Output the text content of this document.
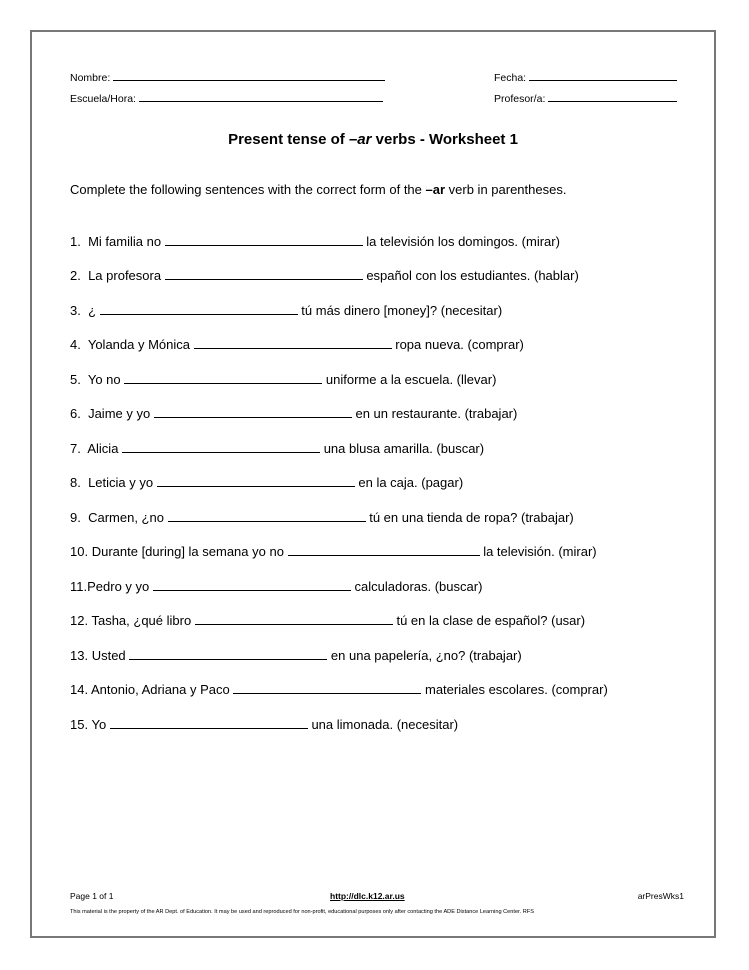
Nombre:	Fecha:
Escuela/Hora:	Profesor/a:
Present tense of –ar verbs - Worksheet 1
Complete the following sentences with the correct form of the –ar verb in parentheses.
1. Mi familia no	la televisión los domingos. (mirar)
2. La profesora	español con los estudiantes. (hablar)
3. ¿	tú más dinero [money]? (necesitar)
4. Yolanda y Mónica	ropa nueva. (comprar)
5. Yo no	uniforme a la escuela. (llevar)
6. Jaime y yo	en un restaurante. (trabajar)
7. Alicia	una blusa amarilla. (buscar)
8. Leticia y yo	en la caja. (pagar)
9. Carmen, ¿no	tú en una tienda de ropa? (trabajar)
10. Durante [during] la semana yo no	la televisión. (mirar)
11.Pedro y yo	calculadoras. (buscar)
12. Tasha, ¿qué libro	tú en la clase de español? (usar)
13. Usted	en una papelería, ¿no? (trabajar)
14. Antonio, Adriana y Paco	materiales escolares. (comprar)
15. Yo	una limonada. (necesitar)
Page 1 of 1	http://dlc.k12.ar.us	arPresWks1
This material is the property of the AR Dept. of Education. It may be used and reproduced for non-profit, educational purposes only after contacting the ADE Distance Learning Center. RFS
